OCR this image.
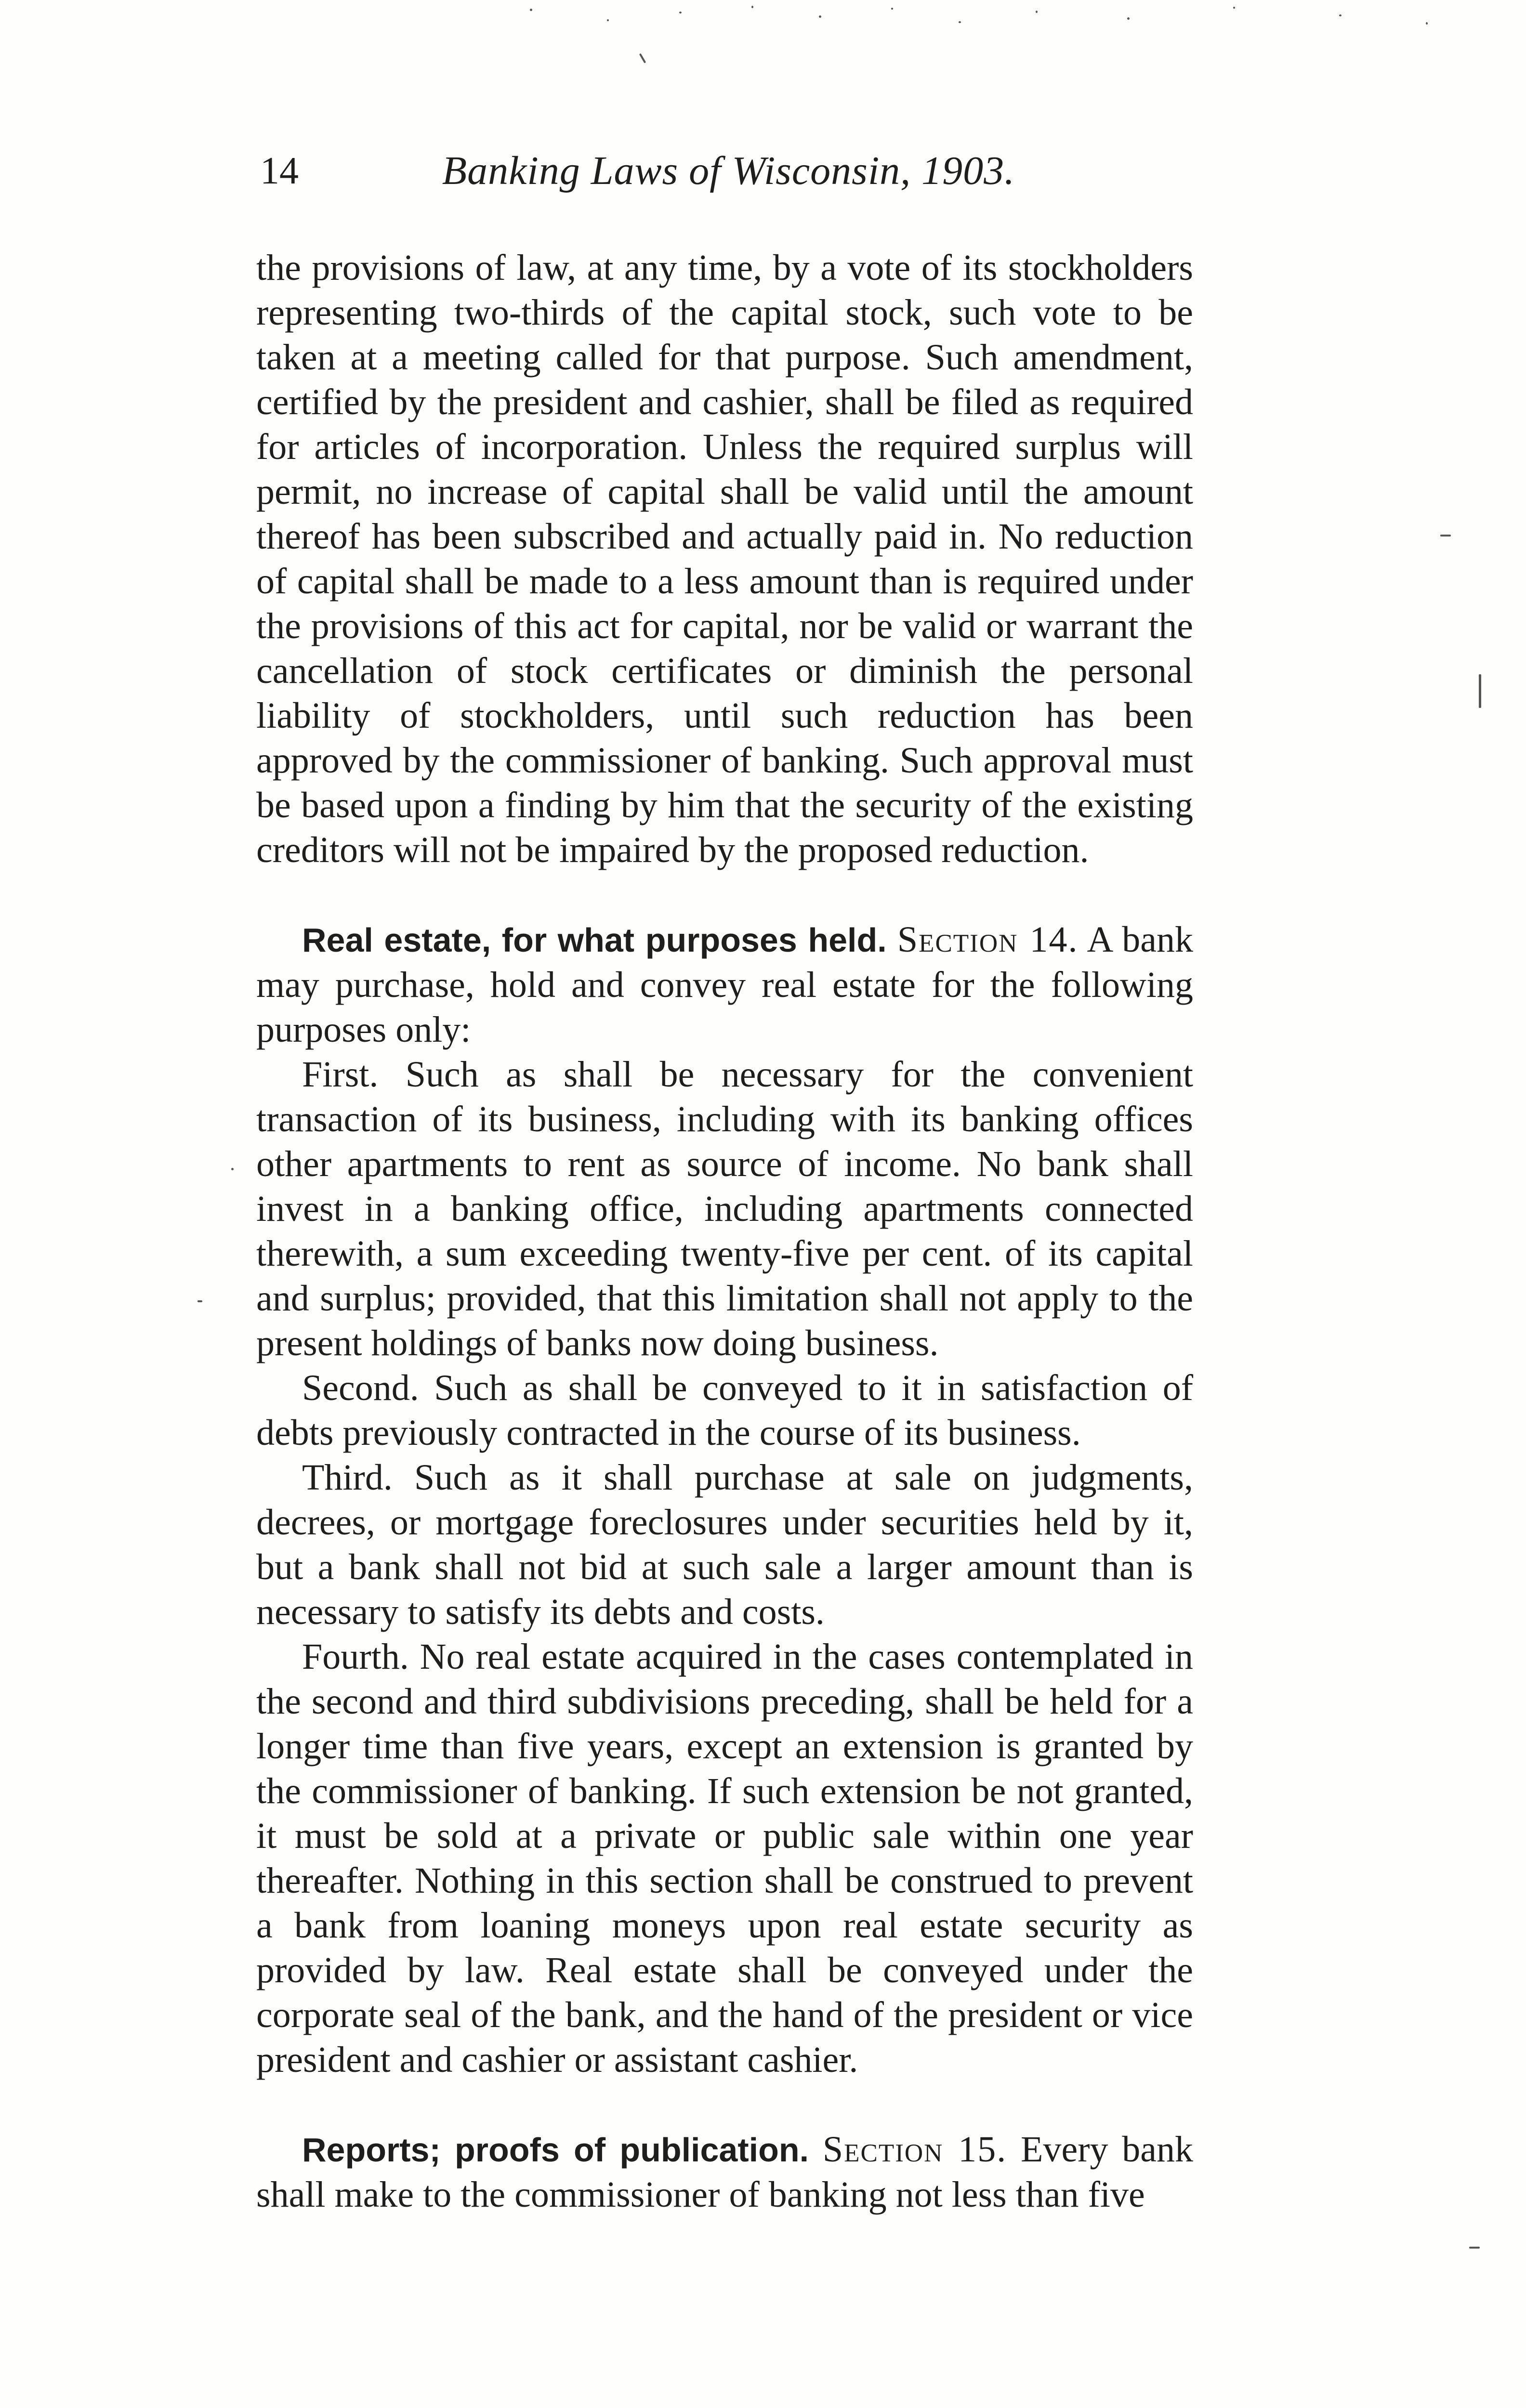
14	Banking Laws of Wisconsin, 1903.

the provisions of law, at any time, by a vote of its stockholders representing two-thirds of the capital stock, such vote to be taken at a meeting called for that purpose. Such amendment, certified by the president and cashier, shall be filed as required for articles of incorporation. Unless the required surplus will permit, no increase of capital shall be valid until the amount thereof has been subscribed and actually paid in. No reduction of capital shall be made to a less amount than is required under the provisions of this act for capital, nor be valid or warrant the cancellation of stock certificates or diminish the personal liability of stockholders, until such reduction has been approved by the commissioner of banking. Such approval must be based upon a finding by him that the security of the existing creditors will not be impaired by the proposed reduction.

Real estate, for what purposes held. Section 14. A bank may purchase, hold and convey real estate for the following purposes only:

First. Such as shall be necessary for the convenient transaction of its business, including with its banking offices other apartments to rent as source of income. No bank shall invest in a banking office, including apartments connected therewith, a sum exceeding twenty-five per cent. of its capital and surplus; provided, that this limitation shall not apply to the present holdings of banks now doing business.

Second. Such as shall be conveyed to it in satisfaction of debts previously contracted in the course of its business.

Third. Such as it shall purchase at sale on judgments, decrees, or mortgage foreclosures under securities held by it, but a bank shall not bid at such sale a larger amount than is necessary to satisfy its debts and costs.

Fourth. No real estate acquired in the cases contemplated in the second and third subdivisions preceding, shall be held for a longer time than five years, except an extension is granted by the commissioner of banking. If such extension be not granted, it must be sold at a private or public sale within one year thereafter. Nothing in this section shall be construed to prevent a bank from loaning moneys upon real estate security as provided by law. Real estate shall be conveyed under the corporate seal of the bank, and the hand of the president or vice president and cashier or assistant cashier.

Reports; proofs of publication. Section 15. Every bank shall make to the commissioner of banking not less than five
